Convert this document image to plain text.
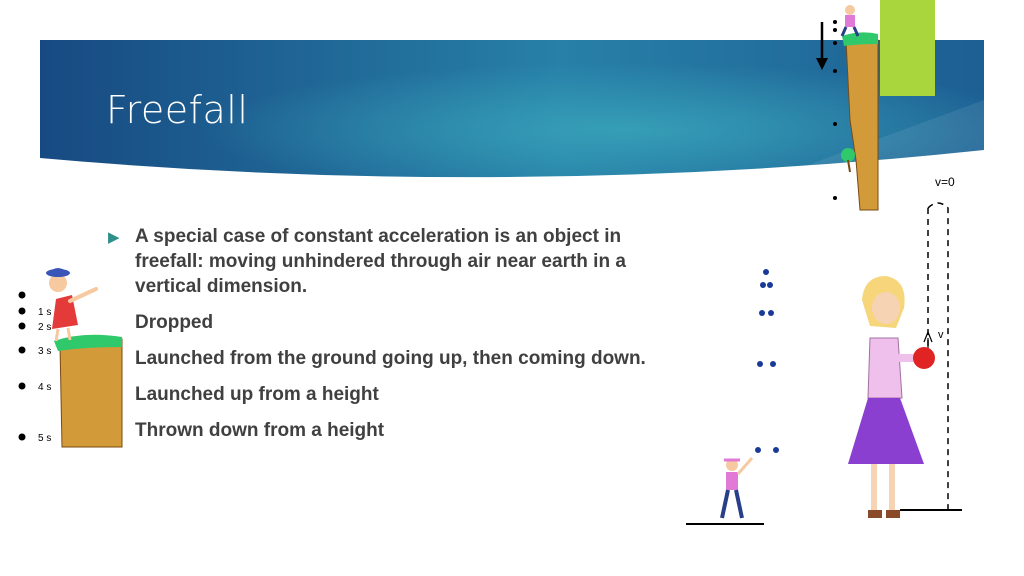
Freefall
▶ A special case of constant acceleration is an object in freefall: moving unhindered through air near earth in a vertical dimension.
Dropped
Launched from the ground going up, then coming down.
Launched up from a height
Thrown down from a height
1 s
2 s
3 s
4 s
5 s
v=0
v
